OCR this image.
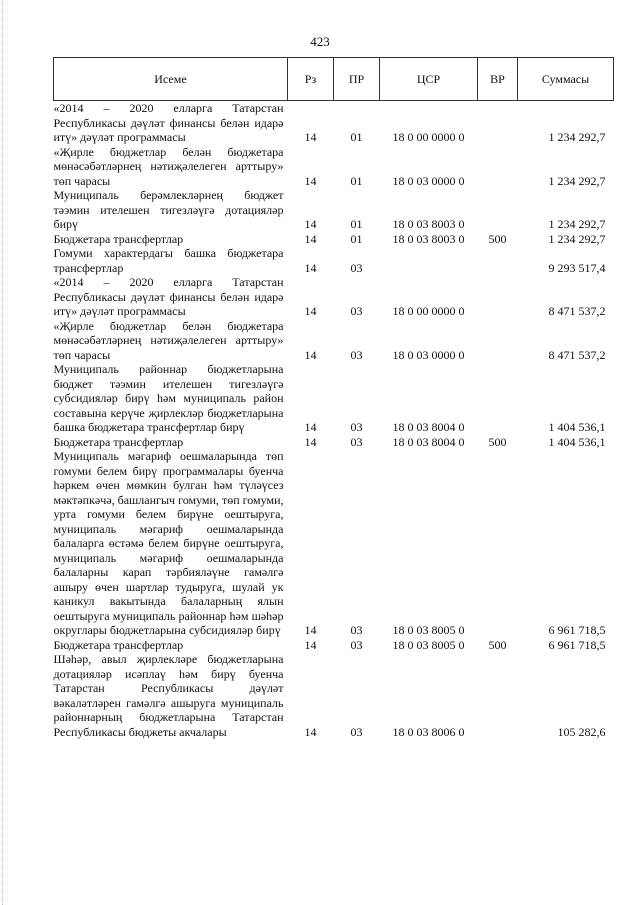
423
Исеме	Рз	ПР	ЦСР	ВР	Суммасы
«2014 – 2020 елларга Татарстан Республикасы дәүләт финансы белән идарә итү» дәүләт программасы	14	01	18 0 00 0000 0		1 234 292,7
«Җирле бюджетлар белән бюджетара мөнәсәбәтләрнең нәтиҗәлелеген арттыру» төп чарасы	14	01	18 0 03 0000 0		1 234 292,7
Муниципаль берәмлекләрнең бюджет тәэмин ителешен тигезләүгә дотацияләр бирү	14	01	18 0 03 8003 0		1 234 292,7
Бюджетара трансфертлар	14	01	18 0 03 8003 0	500	1 234 292,7
Гомуми характердагы башка бюджетара трансфертлар	14	03			9 293 517,4
«2014 – 2020 елларга Татарстан Республикасы дәүләт финансы белән идарә итү» дәүләт программасы	14	03	18 0 00 0000 0		8 471 537,2
«Җирле бюджетлар белән бюджетара мөнәсәбәтләрнең нәтиҗәлелеген арттыру» төп чарасы	14	03	18 0 03 0000 0		8 471 537,2
Муниципаль районнар бюджетларына бюджет тәэмин ителешен тигезләүгә субсидияләр бирү һәм муниципаль район составына керүче җирлекләр бюджетларына башка бюджетара трансфертлар бирү	14	03	18 0 03 8004 0		1 404 536,1
Бюджетара трансфертлар	14	03	18 0 03 8004 0	500	1 404 536,1
Муниципаль мәгариф оешмаларында төп гомуми белем бирү программалары буенча һәркем өчен мөмкин булган һәм түләүсез мәктәпкәчә, башлангыч гомуми, төп гомуми, урта гомуми белем бирүне оештыруга, муниципаль мәгариф оешмаларында балаларга өстәмә белем бирүне оештыруга, муниципаль мәгариф оешмаларында балаларны карап тәрбияләүне гамәлгә ашыру өчен шартлар тудыруга, шулай ук каникул вакытында балаларның ялын оештыруга муниципаль районнар һәм шәһәр округлары бюджетларына субсидияләр бирү	14	03	18 0 03 8005 0		6 961 718,5
Бюджетара трансфертлар	14	03	18 0 03 8005 0	500	6 961 718,5
Шәһәр, авыл җирлекләре бюджетларына дотацияләр исәплаү һәм бирү буенча Татарстан Республикасы дәүләт вәкаләтләрен гамәлгә ашыруга муниципаль районнарның бюджетларына Татарстан Республикасы бюджеты акчалары	14	03	18 0 03 8006 0		105 282,6
